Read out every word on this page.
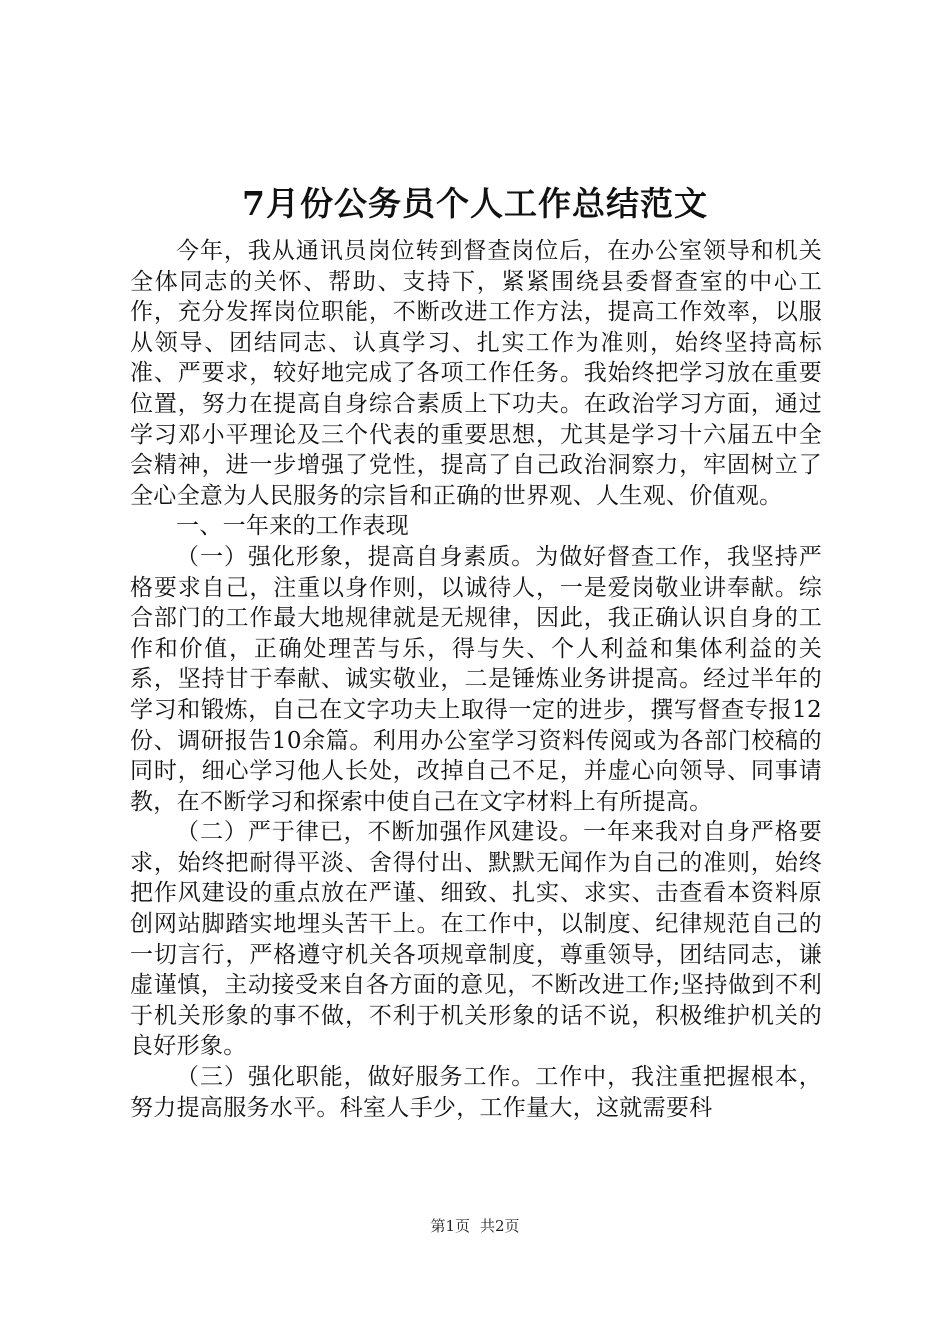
7月份公务员个人工作总结范文

今年，我从通讯员岗位转到督查岗位后，在办公室领导和机关全体同志的关怀、帮助、支持下，紧紧围绕县委督查室的中心工作，充分发挥岗位职能，不断改进工作方法，提高工作效率，以服从领导、团结同志、认真学习、扎实工作为准则，始终坚持高标准、严要求，较好地完成了各项工作任务。我始终把学习放在重要位置，努力在提高自身综合素质上下功夫。在政治学习方面，通过学习邓小平理论及三个代表的重要思想，尤其是学习十六届五中全会精神，进一步增强了党性，提高了自己政治洞察力，牢固树立了全心全意为人民服务的宗旨和正确的世界观、人生观、价值观。

一、一年来的工作表现

（一）强化形象，提高自身素质。为做好督查工作，我坚持严格要求自己，注重以身作则，以诚待人，一是爱岗敬业讲奉献。综合部门的工作最大地规律就是无规律，因此，我正确认识自身的工作和价值，正确处理苦与乐，得与失、个人利益和集体利益的关系，坚持甘于奉献、诚实敬业，二是锤炼业务讲提高。经过半年的学习和锻炼，自己在文字功夫上取得一定的进步，撰写督查专报12份、调研报告10余篇。利用办公室学习资料传阅或为各部门校稿的同时，细心学习他人长处，改掉自己不足，并虚心向领导、同事请教，在不断学习和探索中使自己在文字材料上有所提高。

（二）严于律已，不断加强作风建设。一年来我对自身严格要求，始终把耐得平淡、舍得付出、默默无闻作为自己的准则，始终把作风建设的重点放在严谨、细致、扎实、求实、击查看本资料原创网站脚踏实地埋头苦干上。在工作中，以制度、纪律规范自己的一切言行，严格遵守机关各项规章制度，尊重领导，团结同志，谦虚谨慎，主动接受来自各方面的意见，不断改进工作;坚持做到不利于机关形象的事不做，不利于机关形象的话不说，积极维护机关的良好形象。

（三）强化职能，做好服务工作。工作中，我注重把握根本，努力提高服务水平。科室人手少，工作量大，这就需要科

第1页 共2页
